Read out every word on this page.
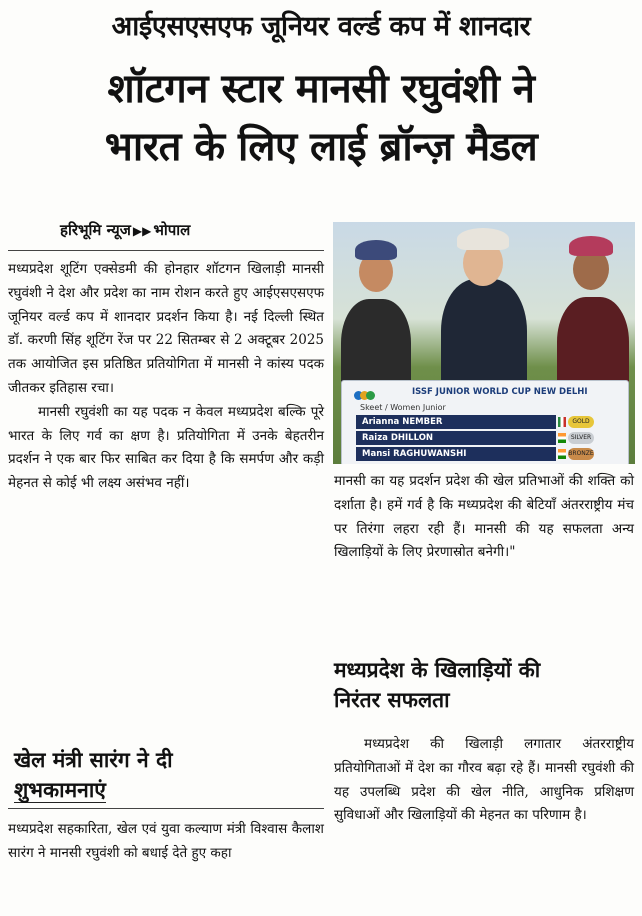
आईएसएसएफ जूनियर वर्ल्ड कप में शानदार
शॉटगन स्टार मानसी रघुवंशी ने
भारत के लिए लाई ब्रॉन्ज़ मैडल
हरिभूमि न्यूज ▶▶ भोपाल

मध्यप्रदेश शूटिंग एक्सेडमी की होनहार शॉटगन खिलाड़ी मानसी रघुवंशी ने देश और प्रदेश का नाम रोशन करते हुए आईएसएसएफ जूनियर वर्ल्ड कप में शानदार प्रदर्शन किया है। नई दिल्ली स्थित डॉ. करणी सिंह शूटिंग रेंज पर 22 सितम्बर से 2 अक्टूबर 2025 तक आयोजित इस प्रतिष्ठित प्रतियोगिता में मानसी ने कांस्य पदक जीतकर इतिहास रचा।

मानसी रघुवंशी का यह पदक न केवल मध्यप्रदेश बल्कि पूरे भारत के लिए गर्व का क्षण है। प्रतियोगिता में उनके बेहतरीन प्रदर्शन ने एक बार फिर साबित कर दिया है कि समर्पण और कड़ी मेहनत से कोई भी लक्ष्य असंभव नहीं।

खेल मंत्री सारंग ने दी
शुभकामनाएं

मध्यप्रदेश सहकारिता, खेल एवं युवा कल्याण मंत्री विश्वास कैलाश सारंग ने मानसी रघुवंशी को बधाई देते हुए कहा

ISSF JUNIOR WORLD CUP NEW DELHI
Skeet / Women Junior
Arianna NEMBER	GOLD
Raiza DHILLON	SILVER
Mansi RAGHUWANSHI	BRONZE

मानसी का यह प्रदर्शन प्रदेश की खेल प्रतिभाओं की शक्ति को दर्शाता है। हमें गर्व है कि मध्यप्रदेश की बेटियाँ अंतरराष्ट्रीय मंच पर तिरंगा लहरा रही हैं। मानसी की यह सफलता अन्य खिलाड़ियों के लिए प्रेरणास्रोत बनेगी।"

मध्यप्रदेश के खिलाड़ियों की
निरंतर सफलता

मध्यप्रदेश की खिलाड़ी लगातार अंतरराष्ट्रीय प्रतियोगिताओं में देश का गौरव बढ़ा रहे हैं। मानसी रघुवंशी की यह उपलब्धि प्रदेश की खेल नीति, आधुनिक प्रशिक्षण सुविधाओं और खिलाड़ियों की मेहनत का परिणाम है।
